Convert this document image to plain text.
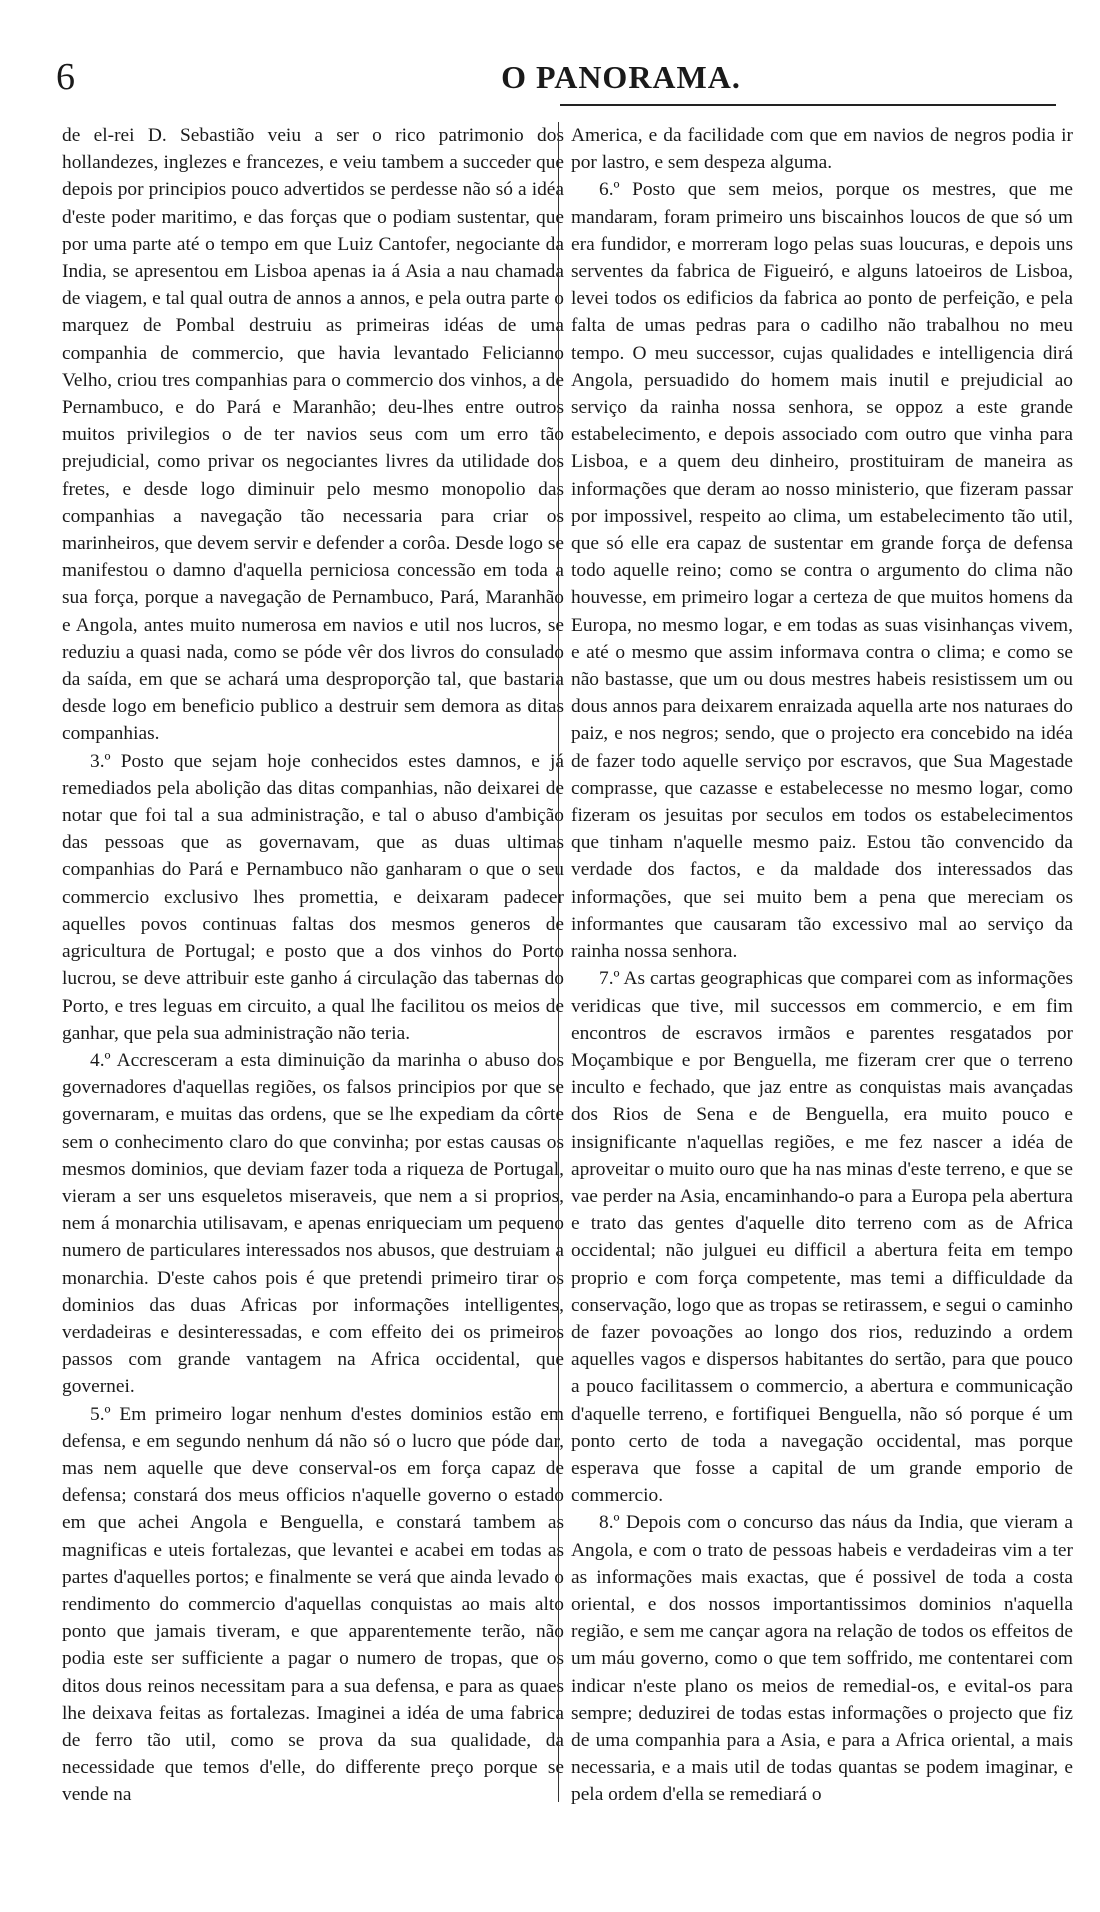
6	O PANORAMA.

de el-rei D. Sebastião veiu a ser o rico patrimonio dos hollandezes, inglezes e francezes, e veiu tambem a succeder que depois por principios pouco advertidos se perdesse não só a idéa d'este poder maritimo, e das forças que o podiam sustentar, que por uma parte até o tempo em que Luiz Cantofer, negociante da India, se apresentou em Lisboa apenas ia á Asia a nau chamada de viagem, e tal qual outra de annos a annos, e pela outra parte o marquez de Pombal destruiu as primeiras idéas de uma companhia de commercio, que havia levantado Felicianno Velho, criou tres companhias para o commercio dos vinhos, a de Pernambuco, e do Pará e Maranhão; deu-lhes entre outros muitos privilegios o de ter navios seus com um erro tão prejudicial, como privar os negociantes livres da utilidade dos fretes, e desde logo diminuir pelo mesmo monopolio das companhias a navegação tão necessaria para criar os marinheiros, que devem servir e defender a corôa. Desde logo se manifestou o damno d'aquella perniciosa concessão em toda a sua força, porque a navegação de Pernambuco, Pará, Maranhão e Angola, antes muito numerosa em navios e util nos lucros, se reduziu a quasi nada, como se póde vêr dos livros do consulado da saída, em que se achará uma desproporção tal, que bastaria desde logo em beneficio publico a destruir sem demora as ditas companhias.

3.º Posto que sejam hoje conhecidos estes damnos, e já remediados pela abolição das ditas companhias, não deixarei de notar que foi tal a sua administração, e tal o abuso d'ambição das pessoas que as governavam, que as duas ultimas companhias do Pará e Pernambuco não ganharam o que o seu commercio exclusivo lhes promettia, e deixaram padecer aquelles povos continuas faltas dos mesmos generos de agricultura de Portugal; e posto que a dos vinhos do Porto lucrou, se deve attribuir este ganho á circulação das tabernas do Porto, e tres leguas em circuito, a qual lhe facilitou os meios de ganhar, que pela sua administração não teria.

4.º Accresceram a esta diminuição da marinha o abuso dos governadores d'aquellas regiões, os falsos principios por que se governaram, e muitas das ordens, que se lhe expediam da côrte sem o conhecimento claro do que convinha; por estas causas os mesmos dominios, que deviam fazer toda a riqueza de Portugal, vieram a ser uns esqueletos miseraveis, que nem a si proprios, nem á monarchia utilisavam, e apenas enriqueciam um pequeno numero de particulares interessados nos abusos, que destruiam a monarchia. D'este cahos pois é que pretendi primeiro tirar os dominios das duas Africas por informações intelligentes, verdadeiras e desinteressadas, e com effeito dei os primeiros passos com grande vantagem na Africa occidental, que governei.

5.º Em primeiro logar nenhum d'estes dominios estão em defensa, e em segundo nenhum dá não só o lucro que póde dar, mas nem aquelle que deve conserval-os em força capaz de defensa; constará dos meus officios n'aquelle governo o estado em que achei Angola e Benguella, e constará tambem as magnificas e uteis fortalezas, que levantei e acabei em todas as partes d'aquelles portos; e finalmente se verá que ainda levado o rendimento do commercio d'aquellas conquistas ao mais alto ponto que jamais tiveram, e que apparentemente terão, não podia este ser sufficiente a pagar o numero de tropas, que os ditos dous reinos necessitam para a sua defensa, e para as quaes lhe deixava feitas as fortalezas. Imaginei a idéa de uma fabrica de ferro tão util, como se prova da sua qualidade, da necessidade que temos d'elle, do differente preço porque se vende na

America, e da facilidade com que em navios de negros podia ir por lastro, e sem despeza alguma.

6.º Posto que sem meios, porque os mestres, que me mandaram, foram primeiro uns biscainhos loucos de que só um era fundidor, e morreram logo pelas suas loucuras, e depois uns serventes da fabrica de Figueiró, e alguns latoeiros de Lisboa, levei todos os edificios da fabrica ao ponto de perfeição, e pela falta de umas pedras para o cadilho não trabalhou no meu tempo. O meu successor, cujas qualidades e intelligencia dirá Angola, persuadido do homem mais inutil e prejudicial ao serviço da rainha nossa senhora, se oppoz a este grande estabelecimento, e depois associado com outro que vinha para Lisboa, e a quem deu dinheiro, prostituiram de maneira as informações que deram ao nosso ministerio, que fizeram passar por impossivel, respeito ao clima, um estabelecimento tão util, que só elle era capaz de sustentar em grande força de defensa todo aquelle reino; como se contra o argumento do clima não houvesse, em primeiro logar a certeza de que muitos homens da Europa, no mesmo logar, e em todas as suas visinhanças vivem, e até o mesmo que assim informava contra o clima; e como se não bastasse, que um ou dous mestres habeis resistissem um ou dous annos para deixarem enraizada aquella arte nos naturaes do paiz, e nos negros; sendo, que o projecto era concebido na idéa de fazer todo aquelle serviço por escravos, que Sua Magestade comprasse, que cazasse e estabelecesse no mesmo logar, como fizeram os jesuitas por seculos em todos os estabelecimentos que tinham n'aquelle mesmo paiz. Estou tão convencido da verdade dos factos, e da maldade dos interessados das informações, que sei muito bem a pena que mereciam os informantes que causaram tão excessivo mal ao serviço da rainha nossa senhora.

7.º As cartas geographicas que comparei com as informações veridicas que tive, mil successos em commercio, e em fim encontros de escravos irmãos e parentes resgatados por Moçambique e por Benguella, me fizeram crer que o terreno inculto e fechado, que jaz entre as conquistas mais avançadas dos Rios de Sena e de Benguella, era muito pouco e insignificante n'aquellas regiões, e me fez nascer a idéa de aproveitar o muito ouro que ha nas minas d'este terreno, e que se vae perder na Asia, encaminhando-o para a Europa pela abertura e trato das gentes d'aquelle dito terreno com as de Africa occidental; não julguei eu difficil a abertura feita em tempo proprio e com força competente, mas temi a difficuldade da conservação, logo que as tropas se retirassem, e segui o caminho de fazer povoações ao longo dos rios, reduzindo a ordem aquelles vagos e dispersos habitantes do sertão, para que pouco a pouco facilitassem o commercio, a abertura e communicação d'aquelle terreno, e fortifiquei Benguella, não só porque é um ponto certo de toda a navegação occidental, mas porque esperava que fosse a capital de um grande emporio de commercio.

8.º Depois com o concurso das náus da India, que vieram a Angola, e com o trato de pessoas habeis e verdadeiras vim a ter as informações mais exactas, que é possivel de toda a costa oriental, e dos nossos importantissimos dominios n'aquella região, e sem me cançar agora na relação de todos os effeitos de um máu governo, como o que tem soffrido, me contentarei com indicar n'este plano os meios de remedial-os, e evital-os para sempre; deduzirei de todas estas informações o projecto que fiz de uma companhia para a Asia, e para a Africa oriental, a mais necessaria, e a mais util de todas quantas se podem imaginar, e pela ordem d'ella se remediará o
